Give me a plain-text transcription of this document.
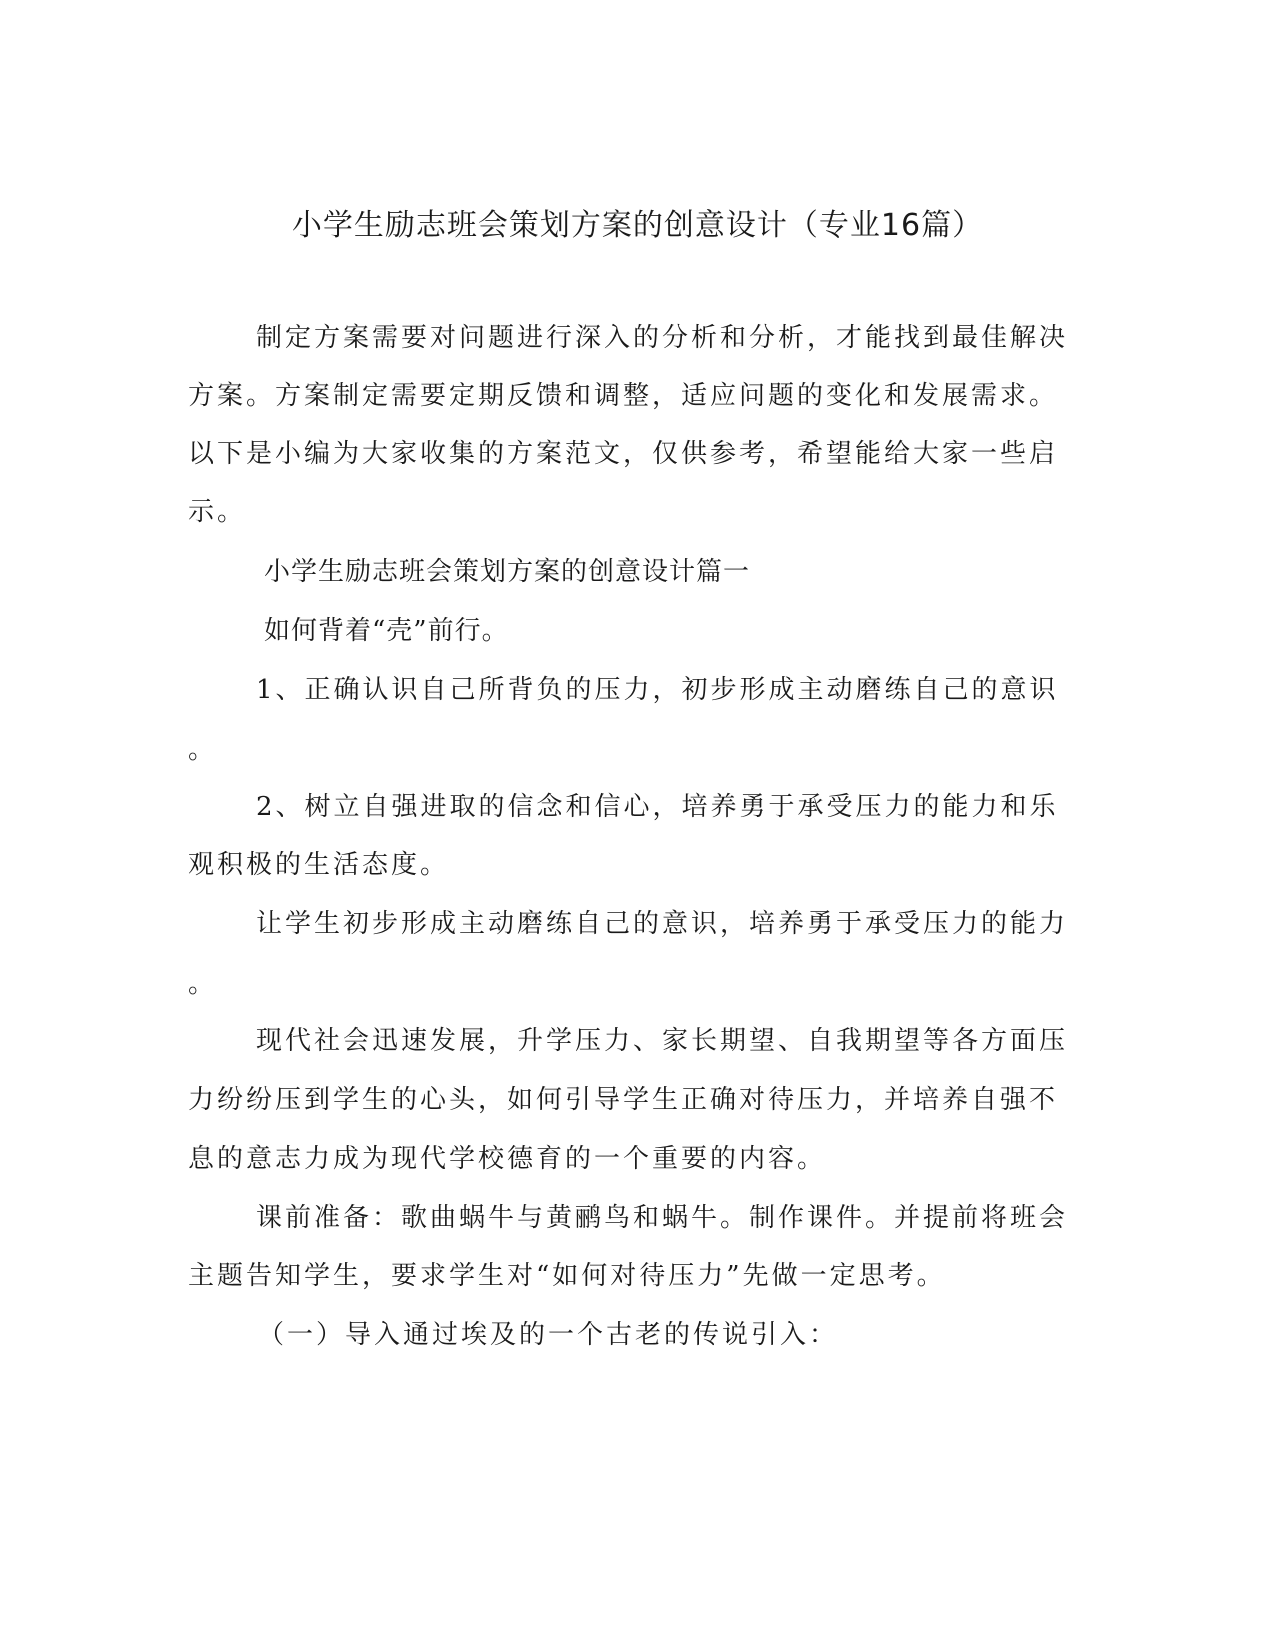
小学生励志班会策划方案的创意设计（专业16篇）
制定方案需要对问题进行深入的分析和分析，才能找到最佳解决
方案。方案制定需要定期反馈和调整，适应问题的变化和发展需求。
以下是小编为大家收集的方案范文，仅供参考，希望能给大家一些启
示。
小学生励志班会策划方案的创意设计篇一
如何背着“壳”前行。
1、正确认识自己所背负的压力，初步形成主动磨练自己的意识
。
2、树立自强进取的信念和信心，培养勇于承受压力的能力和乐
观积极的生活态度。
让学生初步形成主动磨练自己的意识，培养勇于承受压力的能力
。
现代社会迅速发展，升学压力、家长期望、自我期望等各方面压
力纷纷压到学生的心头，如何引导学生正确对待压力，并培养自强不
息的意志力成为现代学校德育的一个重要的内容。
课前准备：歌曲蜗牛与黄鹂鸟和蜗牛。制作课件。并提前将班会
主题告知学生，要求学生对“如何对待压力”先做一定思考。
（一）导入通过埃及的一个古老的传说引入：
